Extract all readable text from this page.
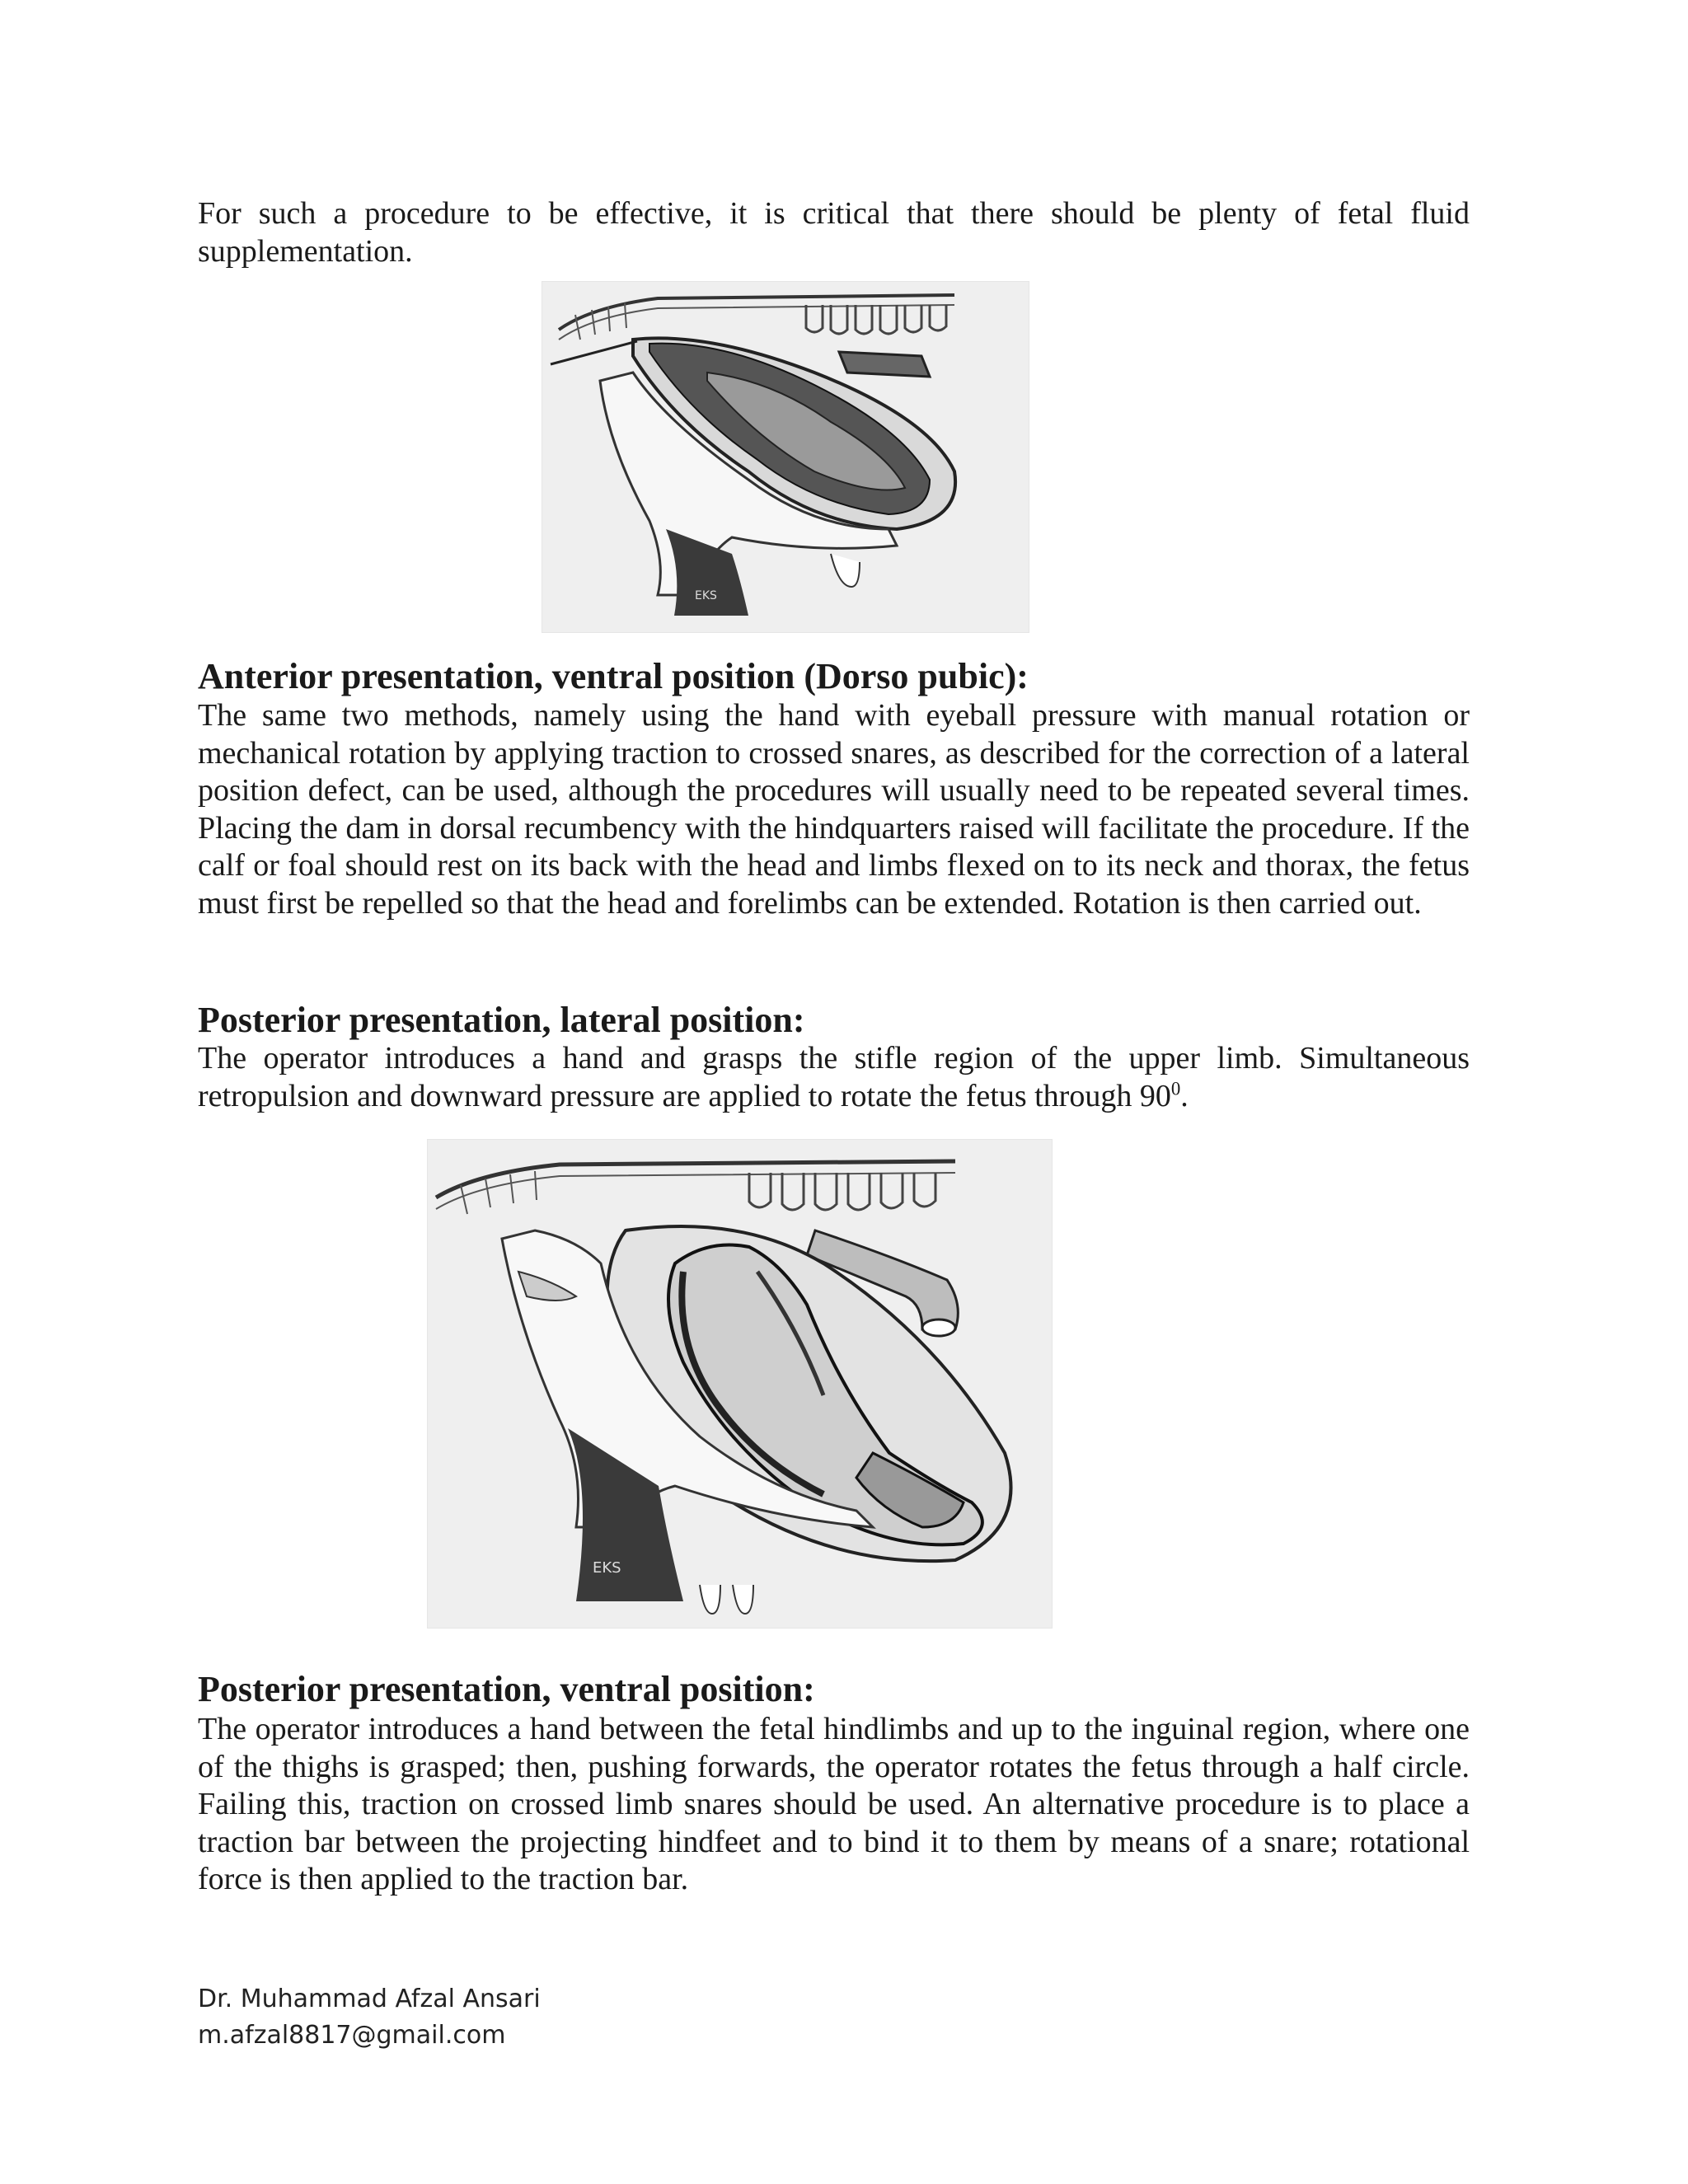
For such a procedure to be effective, it is critical that there should be plenty of fetal fluid supplementation.

EKS
Anterior presentation, ventral position (Dorso pubic):

The same two methods, namely using the hand with eyeball pressure with manual rotation or mechanical rotation by applying traction to crossed snares, as described for the correction of a lateral position defect, can be used, although the procedures will usually need to be repeated several times. Placing the dam in dorsal recumbency with the hindquarters raised will facilitate the procedure. If the calf or foal should rest on its back with the head and limbs flexed on to its neck and thorax, the fetus must first be repelled so that the head and forelimbs can be extended. Rotation is then carried out.

Posterior presentation, lateral position:

The operator introduces a hand and grasps the stifle region of the upper limb. Simultaneous retropulsion and downward pressure are applied to rotate the fetus through $90^0$.

EKS
Posterior presentation, ventral position:

The operator introduces a hand between the fetal hindlimbs and up to the inguinal region, where one of the thighs is grasped; then, pushing forwards, the operator rotates the fetus through a half circle. Failing this, traction on crossed limb snares should be used. An alternative procedure is to place a traction bar between the projecting hindfeet and to bind it to them by means of a snare; rotational force is then applied to the traction bar.

Dr. Muhammad Afzal Ansari
m.afzal8817@gmail.com
